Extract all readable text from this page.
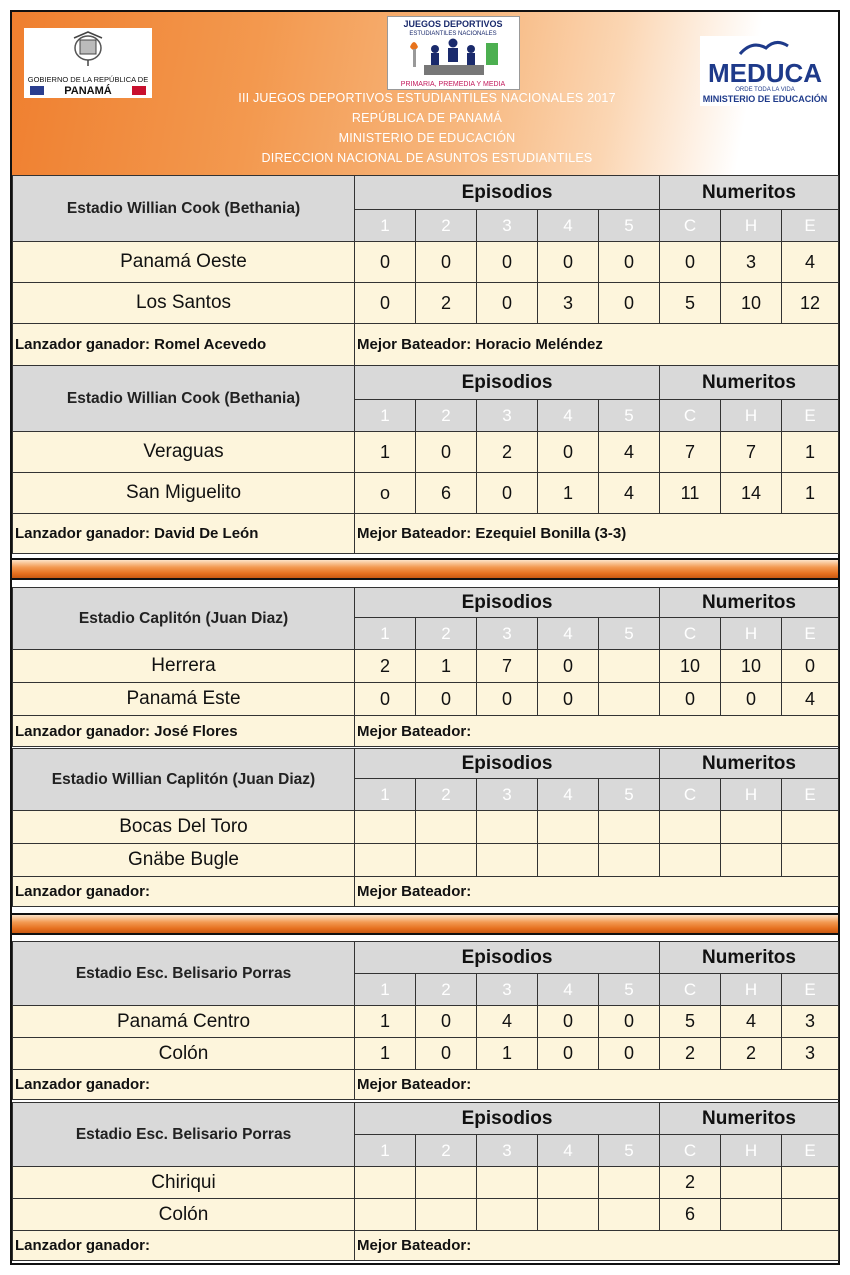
GOBIERNO DE LA REPÚBLICA DE
PANAMÁ
JUEGOS DEPORTIVOS
ESTUDIANTILES NACIONALES
PRIMARIA, PREMEDIA Y MEDIA	MEDUCA
ORDE TODA LA VIDA
MINISTERIO DE EDUCACIÓN
III JUEGOS DEPORTIVOS ESTUDIANTILES NACIONALES 2017
REPÚBLICA DE PANAMÁ
MINISTERIO DE EDUCACIÓN
DIRECCION NACIONAL DE ASUNTOS ESTUDIANTILES
Estadio Willian Cook (Bethania)	Episodios					Numeritos		
	1	2	3	4	5	C	H	E
Panamá Oeste	0	0	0	0	0	0	3	4
Los Santos	0	2	0	3	0	5	10	12
Lanzador ganador: Romel Acevedo	Mejor Bateador: Horacio Meléndez							
Estadio Willian Cook (Bethania)	Episodios					Numeritos		
	1	2	3	4	5	C	H	E
Veraguas	1	0	2	0	4	7	7	1
San Miguelito	o	6	0	1	4	11	14	1
Lanzador ganador: David De León	Mejor Bateador: Ezequiel Bonilla (3-3)							
Estadio Caplitón (Juan Diaz)	Episodios					Numeritos		
	1	2	3	4	5	C	H	E
Herrera	2	1	7	0		10	10	0
Panamá Este	0	0	0	0		0	0	4
Lanzador ganador: José Flores	Mejor Bateador:							
Estadio Willian Caplitón (Juan Diaz)	Episodios					Numeritos		
	1	2	3	4	5	C	H	E
Bocas Del Toro								
Gnäbe Bugle								
Lanzador ganador:	Mejor Bateador:							
Estadio Esc. Belisario Porras	Episodios					Numeritos		
	1	2	3	4	5	C	H	E
Panamá Centro	1	0	4	0	0	5	4	3
Colón	1	0	1	0	0	2	2	3
Lanzador ganador:	Mejor Bateador:							
Estadio Esc. Belisario Porras	Episodios					Numeritos		
	1	2	3	4	5	C	H	E
Chiriqui						2		
Colón						6		
Lanzador ganador:	Mejor Bateador:							
